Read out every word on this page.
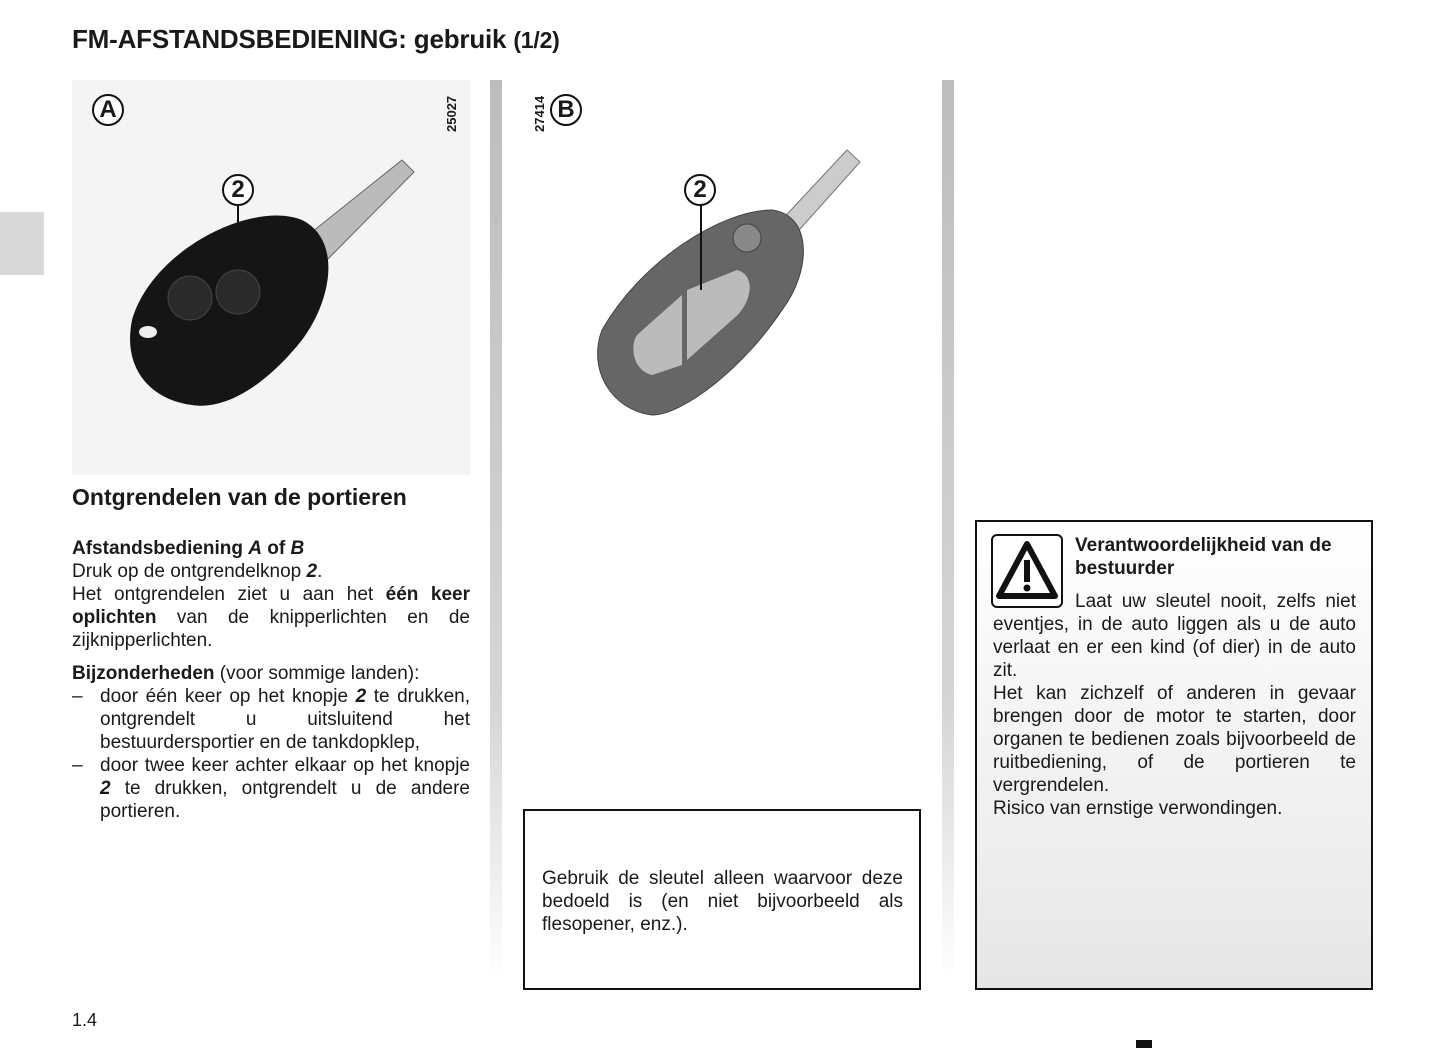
FM-AFSTANDSBEDIENING: gebruik (1/2)
A	25027
2
27414 B
2
Ontgrendelen van de portieren
Afstandsbediening A of B
Druk op de ontgrendelknop 2.
Het ontgrendelen ziet u aan het één keer oplichten van de knipperlichten en de zijknipperlichten.
Bijzonderheden (voor sommige landen):
– door één keer op het knopje 2 te drukken, ontgrendelt u uitsluitend het bestuurdersportier en de tankdopklep,
– door twee keer achter elkaar op het knopje 2 te drukken, ontgrendelt u de andere portieren.
Gebruik de sleutel alleen waarvoor deze bedoeld is (en niet bijvoorbeeld als flesopener, enz.).
Verantwoordelijkheid van de bestuurder
Laat uw sleutel nooit, zelfs niet eventjes, in de auto liggen als u de auto verlaat en er een kind (of dier) in de auto zit.
Het kan zichzelf of anderen in gevaar brengen door de motor te starten, door organen te bedienen zoals bijvoorbeeld de ruitbediening, of de portieren te vergrendelen.
Risico van ernstige verwondingen.
1.4
